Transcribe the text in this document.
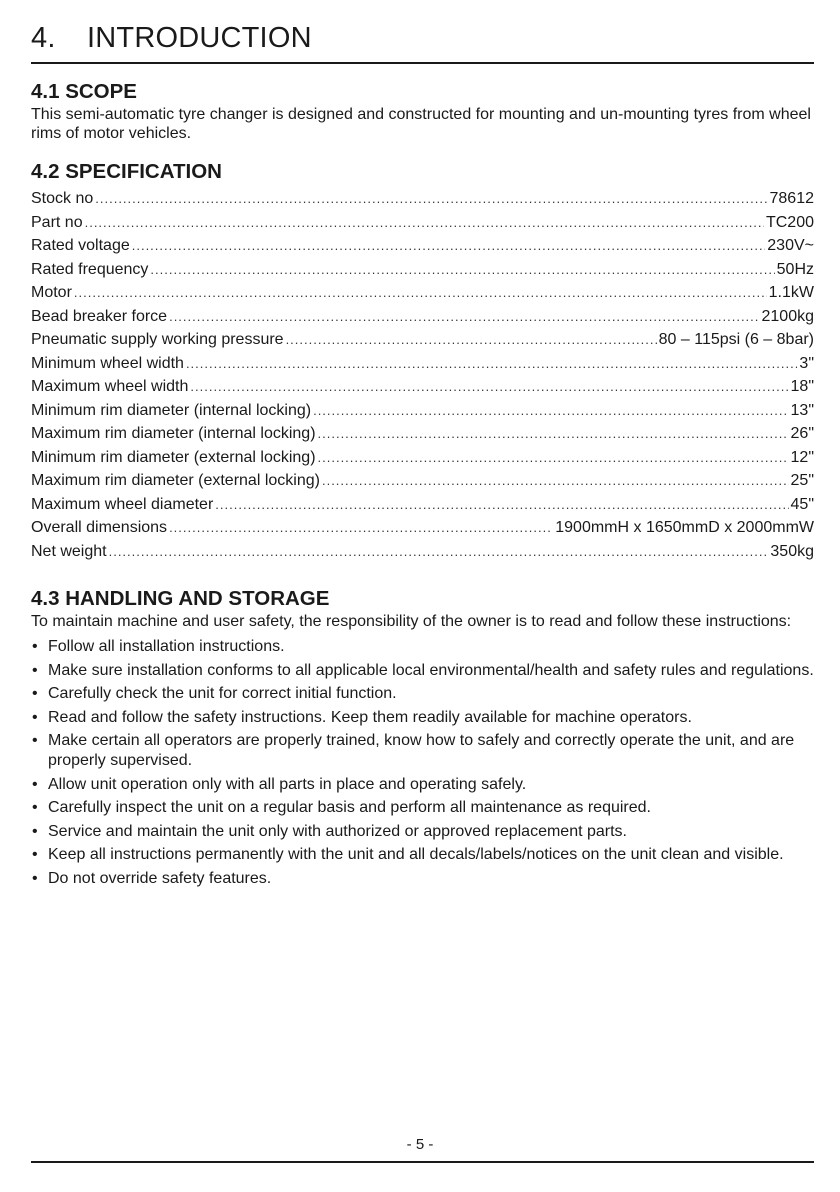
4.	INTRODUCTION
4.1 SCOPE

This semi-automatic tyre changer is designed and constructed for mounting and un-mounting tyres from wheel rims of motor vehicles.

4.2 SPECIFICATION
Stock no .....	78612
Part no .....	TC200
Rated voltage .....	230V~
Rated frequency .....	50Hz
Motor .....	1.1kW
Bead breaker force .....	2100kg
Pneumatic supply working pressure .....	80 – 115psi (6 – 8bar)
Minimum wheel width .....	3"
Maximum wheel width .....	18"
Minimum rim diameter (internal locking) .....	13"
Maximum rim diameter (internal locking) .....	26"
Minimum rim diameter (external locking) .....	12"
Maximum rim diameter (external locking) .....	25"
Maximum wheel diameter .....	45"
Overall dimensions .....	1900mmH x 1650mmD x 2000mmW
Net weight .....	350kg
4.3 HANDLING AND STORAGE

To maintain machine and user safety, the responsibility of the owner is to read and follow these instructions:

• Follow all installation instructions.
• Make sure installation conforms to all applicable local environmental/health and safety rules and regulations.
• Carefully check the unit for correct initial function.
• Read and follow the safety instructions. Keep them readily available for machine operators.
• Make certain all operators are properly trained, know how to safely and correctly operate the unit, and are properly supervised.
• Allow unit operation only with all parts in place and operating safely.
• Carefully inspect the unit on a regular basis and perform all maintenance as required.
• Service and maintain the unit only with authorized or approved replacement parts.
• Keep all instructions permanently with the unit and all decals/labels/notices on the unit clean and visible.
• Do not override safety features.
- 5 -
